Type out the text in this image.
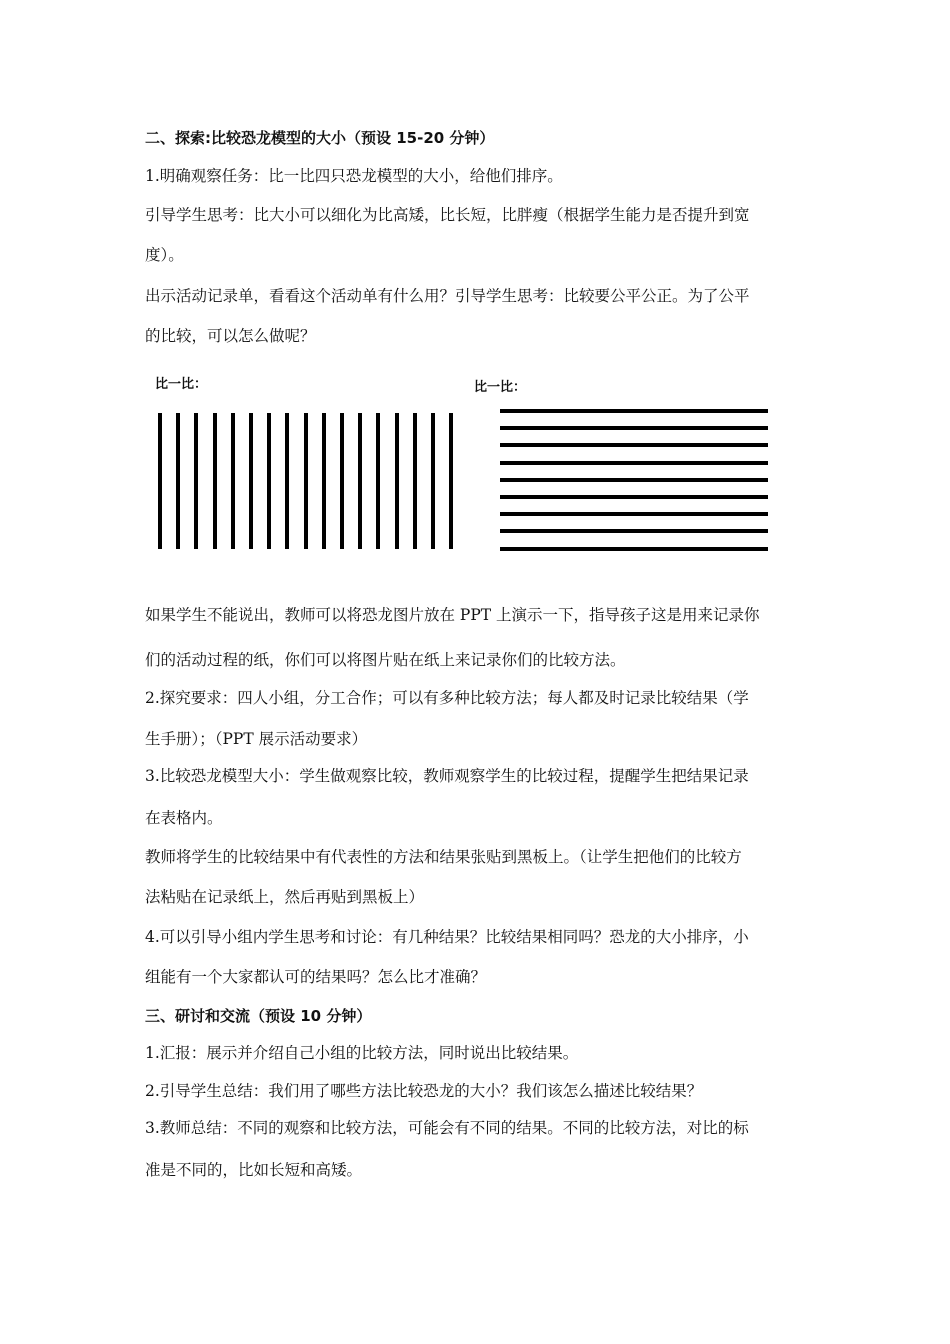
二、探索:比较恐龙模型的大小（预设 15-20 分钟）
1.明确观察任务：比一比四只恐龙模型的大小，给他们排序。
引导学生思考：比大小可以细化为比高矮，比长短，比胖瘦（根据学生能力是否提升到宽
度）。
出示活动记录单，看看这个活动单有什么用？引导学生思考：比较要公平公正。为了公平
的比较，可以怎么做呢？
比一比：	比一比：
如果学生不能说出，教师可以将恐龙图片放在 PPT 上演示一下，指导孩子这是用来记录你
们的活动过程的纸，你们可以将图片贴在纸上来记录你们的比较方法。
2.探究要求：四人小组，分工合作；可以有多种比较方法；每人都及时记录比较结果（学
生手册）；（PPT 展示活动要求）
3.比较恐龙模型大小：学生做观察比较，教师观察学生的比较过程，提醒学生把结果记录
在表格内。
教师将学生的比较结果中有代表性的方法和结果张贴到黑板上。（让学生把他们的比较方
法粘贴在记录纸上，然后再贴到黑板上）
4.可以引导小组内学生思考和讨论：有几种结果？比较结果相同吗？恐龙的大小排序，小
组能有一个大家都认可的结果吗？怎么比才准确？
三、研讨和交流（预设 10 分钟）
1.汇报：展示并介绍自己小组的比较方法，同时说出比较结果。
2.引导学生总结：我们用了哪些方法比较恐龙的大小？我们该怎么描述比较结果？
3.教师总结：不同的观察和比较方法，可能会有不同的结果。不同的比较方法，对比的标
准是不同的，比如长短和高矮。
